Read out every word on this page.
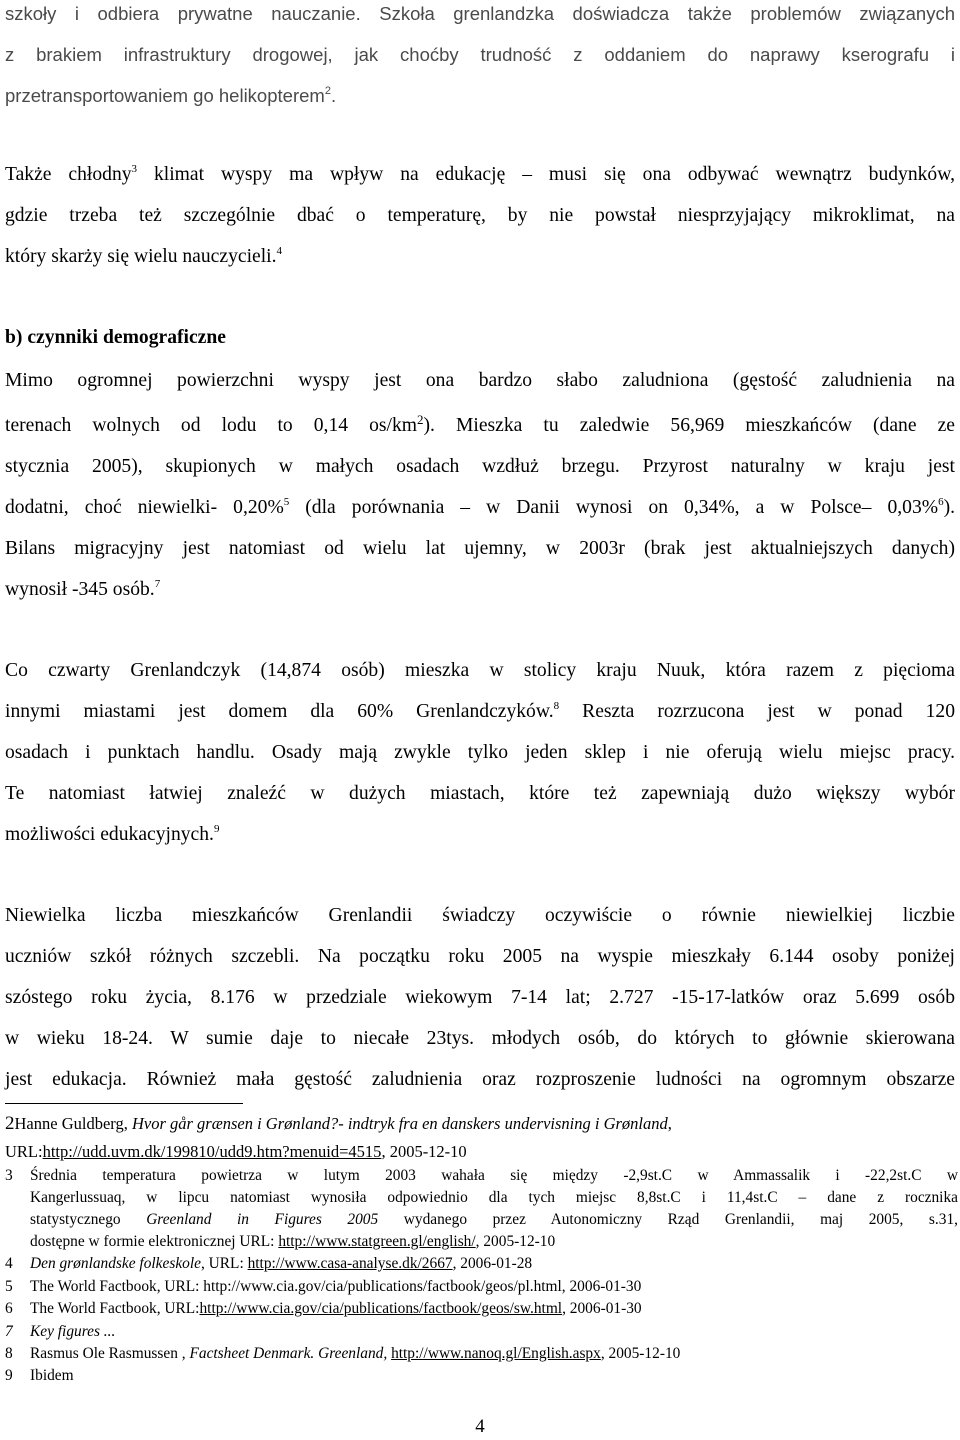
szkoły i odbiera prywatne nauczanie. Szkoła grenlandzka doświadcza także problemów związanych
z brakiem infrastruktury drogowej, jak choćby trudność z oddaniem do naprawy kserografu i
przetransportowaniem go helikopterem$^2$.
Także chłodny$^3$ klimat wyspy ma wpływ na edukację – musi się ona odbywać wewnątrz budynków,
gdzie trzeba też szczególnie dbać o temperaturę, by nie powstał niesprzyjający mikroklimat, na
który skarży się wielu nauczycieli.$^4$
b) czynniki demograficzne
Mimo ogromnej powierzchni wyspy jest ona bardzo słabo zaludniona (gęstość zaludnienia na
terenach wolnych od lodu to 0,14 $os/km^2$). Mieszka tu zaledwie 56,969 mieszkańców (dane ze
stycznia 2005), skupionych w małych osadach wzdłuż brzegu. Przyrost naturalny w kraju jest
dodatni, choć niewielki- 0,20%$^5$ (dla porównania – w Danii wynosi on 0,34%, a w Polsce– 0,03%$^6$).
Bilans migracyjny jest natomiast od wielu lat ujemny, w 2003r (brak jest aktualniejszych danych)
wynosił -345 osób.$^7$
Co czwarty Grenlandczyk (14,874 osób) mieszka w stolicy kraju Nuuk, która razem z pięcioma
innymi miastami jest domem dla 60% Grenlandczyków.$^8$ Reszta rozrzucona jest w ponad 120
osadach i punktach handlu. Osady mają zwykle tylko jeden sklep i nie oferują wielu miejsc pracy.
Te natomiast łatwiej znaleźć w dużych miastach, które też zapewniają dużo większy wybór
możliwości edukacyjnych.$^9$
Niewielka liczba mieszkańców Grenlandii świadczy oczywiście o równie niewielkiej liczbie
uczniów szkół różnych szczebli. Na początku roku 2005 na wyspie mieszkały 6.144 osoby poniżej
szóstego roku życia, 8.176 w przedziale wiekowym 7-14 lat; 2.727 -15-17-latków oraz 5.699 osób
w wieku 18-24. W sumie daje to niecałe 23tys. młodych osób, do których to głównie skierowana
jest edukacja. Również mała gęstość zaludnienia oraz rozproszenie ludności na ogromnym obszarze
2Hanne Guldberg, Hvor går grænsen i Grønland?- indtryk fra en danskers undervisning i Grønland,
URL:http://udd.uvm.dk/199810/udd9.htm?menuid=4515, 2005-12-10
3 Średnia temperatura powietrza w lutym 2003 wahała się między -2,9st.C w Ammassalik i -22,2st.C w
Kangerlussuaq, w lipcu natomiast wynosiła odpowiednio dla tych miejsc 8,8st.C i 11,4st.C – dane z rocznika
statystycznego Greenland in Figures 2005 wydanego przez Autonomiczny Rząd Grenlandii, maj 2005, s.31,
dostępne w formie elektronicznej URL: http://www.statgreen.gl/english/, 2005-12-10
4 Den grønlandske folkeskole, URL: http://www.casa-analyse.dk/2667, 2006-01-28
5 The World Factbook, URL: http://www.cia.gov/cia/publications/factbook/geos/pl.html, 2006-01-30
6 The World Factbook, URL:http://www.cia.gov/cia/publications/factbook/geos/sw.html, 2006-01-30
7 Key figures ...
8 Rasmus Ole Rasmussen , Factsheet Denmark. Greenland, http://www.nanoq.gl/English.aspx, 2005-12-10
9 Ibidem
4
